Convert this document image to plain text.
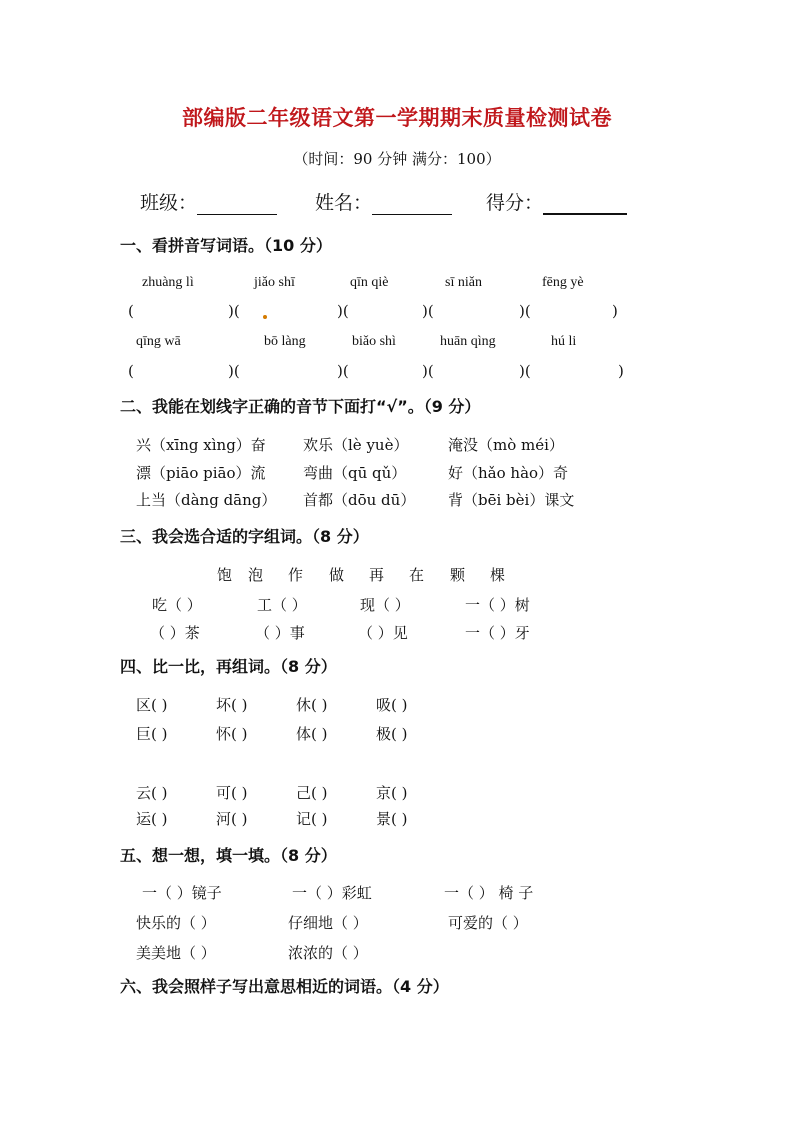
部编版二年级语文第一学期期末质量检测试卷
（时间：90 分钟 满分：100）
班级：	姓名：	得分：
一、看拼音写词语。（10 分）
zhuàng lì	jiǎo shī	qīn qiè	sī niǎn	fēng yè
(	)(	)(	)(	)(	)
qīng wā	bō làng	biǎo shì	huān qìng	hú li
(	)(	)(	)(	)(	)
二、我能在划线字正确的音节下面打“√”。（9 分）
兴（xīng xìng）奋 欢乐（lè yuè）	淹没（mò méi）
漂（piāo piāo）流 弯曲（qū qǔ）	好（hǎo hào）奇
上当（dàng dāng） 首都（dōu dū） 背（bēi bèi）课文
三、我会选合适的字组词。（8 分）
饱 泡 作 做 再 在 颗 棵
吃（ ）	工（ ）	现（ ）	一（ ）树
（ ）茶	（ ）事	（ ）见	一（ ）牙
四、比一比，再组词。（8 分）
区( )	坏( )	休( )	吸( )
巨( )	怀( )	体( )	极( )
云( )	可( )	己( )	京( )
运( )	河( )	记( )	景( )
五、想一想，填一填。（8 分）
一（ ）镜子	一（ ）彩虹	一（ ） 椅 子
快乐的（ ）	仔细地（ ）	可爱的（ ）
美美地（ ）	浓浓的（ ）
六、我会照样子写出意思相近的词语。（4 分）
